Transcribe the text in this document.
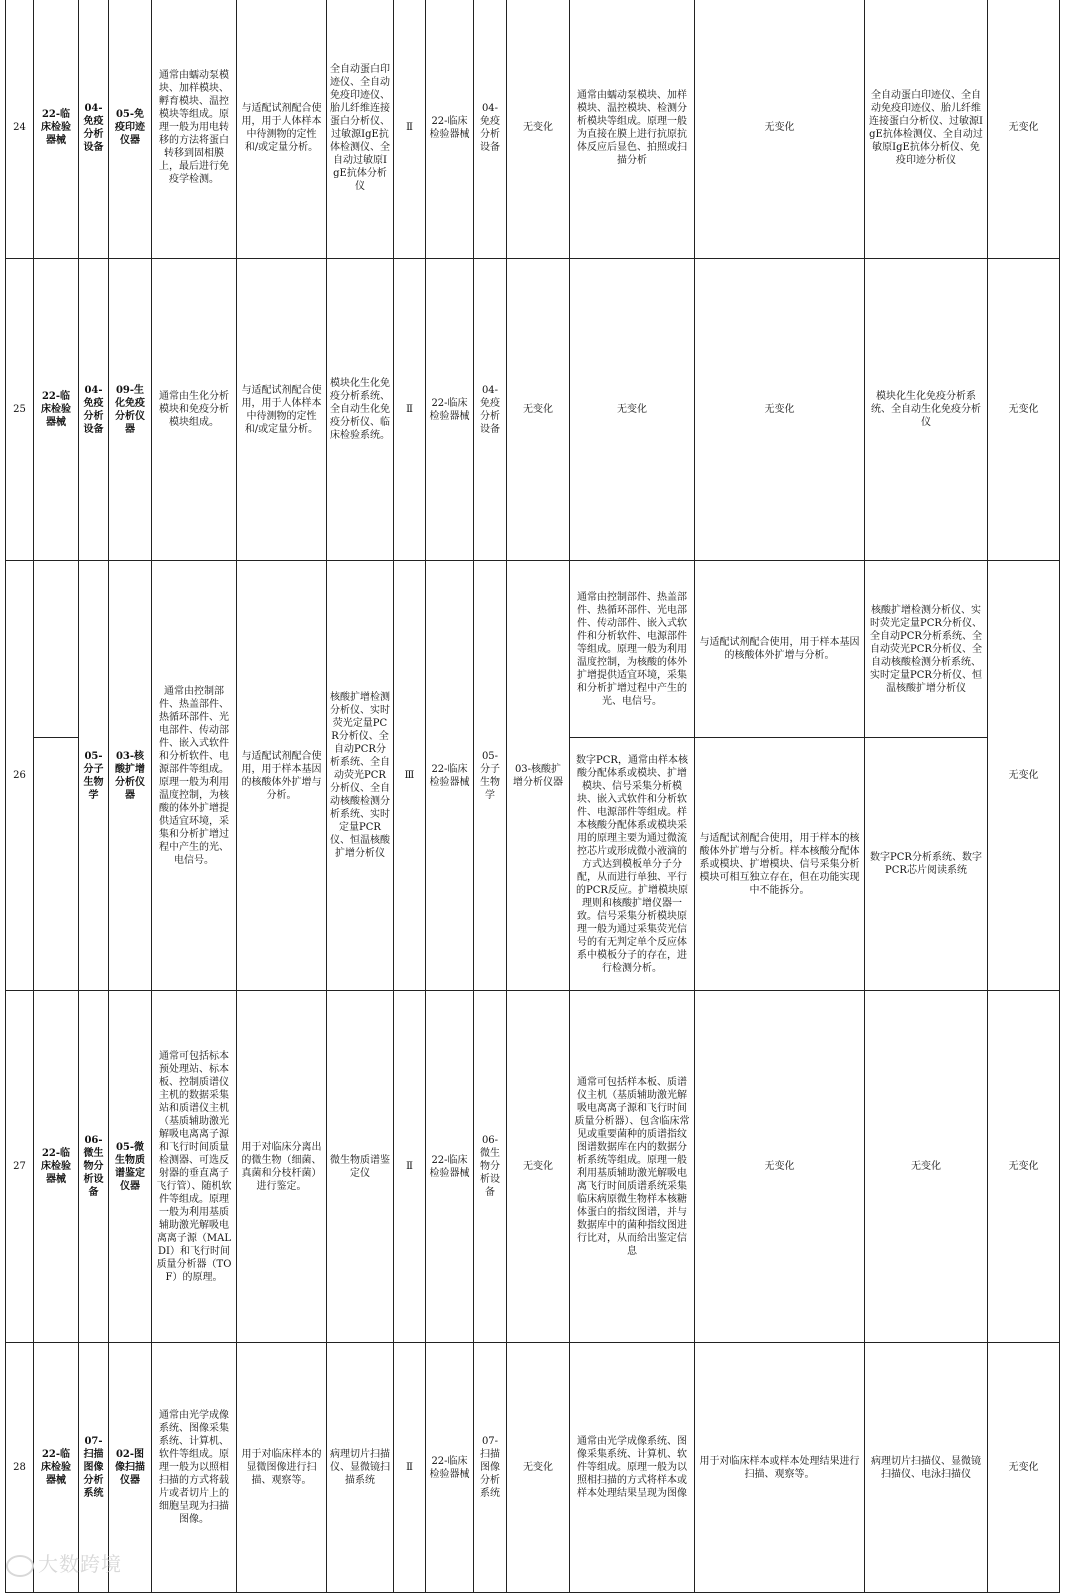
24	22-临床检验器械	04-免疫分析设备	05-免疫印迹仪器	通常由蠕动泵模块、加样模块、孵育模块、温控模块等组成。原理一般为用电转移的方法将蛋白转移到固相膜上，最后进行免疫学检测。	与适配试剂配合使用，用于人体样本中待测物的定性和/或定量分析。	全自动蛋白印迹仪、全自动免疫印迹仪、胎儿纤维连接蛋白分析仪、过敏源IgE抗体检测仪、全自动过敏原IgE抗体分析仪	Ⅱ	22-临床检验器械	04-免疫分析设备	无变化	通常由蠕动泵模块、加样模块、温控模块、检测分析模块等组成。原理一般为直接在膜上进行抗原抗体反应后显色、拍照或扫描分析	无变化	全自动蛋白印迹仪、全自动免疫印迹仪、胎儿纤维连接蛋白分析仪、过敏源IgE抗体检测仪、全自动过敏原IgE抗体分析仪、免疫印迹分析仪	无变化
25	22-临床检验器械	04-免疫分析设备	09-生化免疫分析仪器	通常由生化分析模块和免疫分析模块组成。	与适配试剂配合使用，用于人体样本中待测物的定性和/或定量分析。	模块化生化免疫分析系统、全自动生化免疫分析仪、临床检验系统。	Ⅱ	22-临床检验器械	04-免疫分析设备	无变化	无变化	无变化	模块化生化免疫分析系统、全自动生化免疫分析仪	无变化
26		05-分子生物学	03-核酸扩增分析仪器	通常由控制部件、热盖部件、热循环部件、光电部件、传动部件、嵌入式软件和分析软件、电源部件等组成。原理一般为利用温度控制，为核酸的体外扩增提供适宜环境，采集和分析扩增过程中产生的光、电信号。	与适配试剂配合使用，用于样本基因的核酸体外扩增与分析。	核酸扩增检测分析仪、实时荧光定量PCR分析仪、全自动PCR分析系统、全自动荧光PCR分析仪、全自动核酸检测分析系统、实时定量PCR仪、恒温核酸扩增分析仪	Ⅲ	22-临床检验器械	05-分子生物学	03-核酸扩增分析仪器	通常由控制部件、热盖部件、热循环部件、光电部件、传动部件、嵌入式软件和分析软件、电源部件等组成。原理一般为利用温度控制，为核酸的体外扩增提供适宜环境，采集和分析扩增过程中产生的光、电信号。	与适配试剂配合使用，用于样本基因的核酸体外扩增与分析。	核酸扩增检测分析仪、实时荧光定量PCR分析仪、全自动PCR分析系统、全自动荧光PCR分析仪、全自动核酸检测分析系统、实时定量PCR分析仪、恒温核酸扩增分析仪	无变化
											数字PCR，通常由样本核酸分配体系或模块、扩增模块、信号采集分析模块、嵌入式软件和分析软件、电源部件等组成。样本核酸分配体系或模块采用的原理主要为通过微流控芯片或形成微小液滴的方式达到模板单分子分配，从而进行单独、平行的PCR反应。扩增模块原理则和核酸扩增仪器一致。信号采集分析模块原理一般为通过采集荧光信号的有无判定单个反应体系中模板分子的存在，进行检测分析。	与适配试剂配合使用，用于样本的核酸体外扩增与分析。样本核酸分配体系或模块、扩增模块、信号采集分析模块可相互独立存在，但在功能实现中不能拆分。	数字PCR分析系统、数字PCR芯片阅读系统	
27	22-临床检验器械	06-微生物分析设备	05-微生物质谱鉴定仪器	通常可包括标本预处理站、标本板、控制质谱仪主机的数据采集站和质谱仪主机（基质辅助激光解吸电离离子源和飞行时间质量检测器、可选反射器的垂直离子飞行管）、随机软件等组成。原理一般为利用基质辅助激光解吸电离离子源（MALDI）和飞行时间质量分析器（TOF）的原理。	用于对临床分离出的微生物（细菌、真菌和分枝杆菌）进行鉴定。	微生物质谱鉴定仪	Ⅱ	22-临床检验器械	06-微生物分析设备	无变化	通常可包括样本板、质谱仪主机（基质辅助激光解吸电离离子源和飞行时间质量分析器）、包含临床常见或重要菌种的质谱指纹图谱数据库在内的数据分析系统等组成。原理一般利用基质辅助激光解吸电离飞行时间质谱系统采集临床病原微生物样本核糖体蛋白的指纹图谱，并与数据库中的菌种指纹图进行比对，从而给出鉴定信息	无变化	无变化	无变化
28	22-临床检验器械	07-扫描图像分析系统	02-图像扫描仪器	通常由光学成像系统、图像采集系统、计算机、软件等组成。原理一般为以照相扫描的方式将载片或者切片上的细胞呈现为扫描图像。	用于对临床样本的显微图像进行扫描、观察等。	病理切片扫描仪、显微镜扫描系统	Ⅱ	22-临床检验器械	07-扫描图像分析系统	无变化	通常由光学成像系统、图像采集系统、计算机、软件等组成。原理一般为以照相扫描的方式将样本或样本处理结果呈现为图像	用于对临床样本或样本处理结果进行扫描、观察等。	病理切片扫描仪、显微镜扫描仪、电泳扫描仪	无变化
大数跨境
